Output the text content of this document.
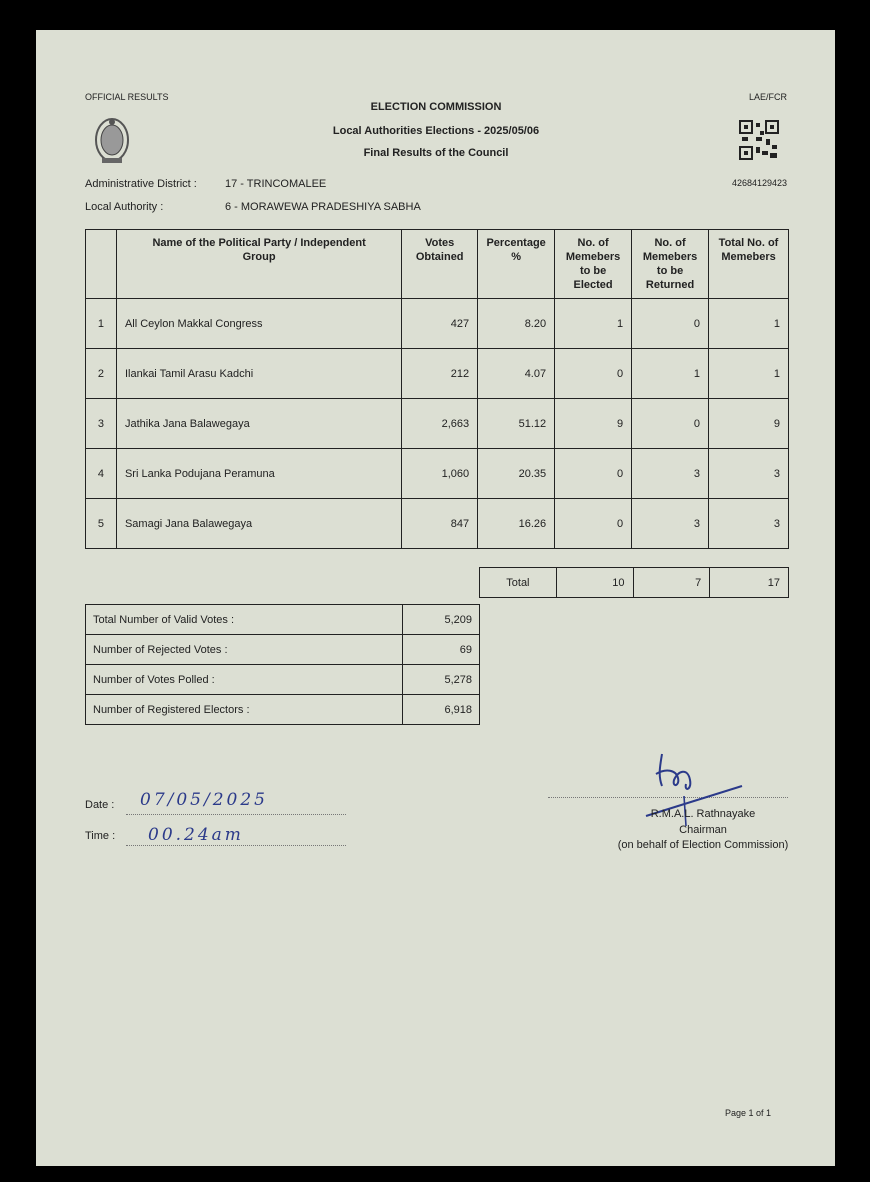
OFFICIAL RESULTS	LAE/FCR
ELECTION COMMISSION
Local Authorities Elections - 2025/05/06
Final Results of the Council
42684129423
Administrative District :	17 - TRINCOMALEE
Local Authority :	6 - MORAWEWA PRADESHIYA SABHA
	Name of the Political Party / Independent Group	Votes Obtained	Percentage %	No. of Memebers to be Elected	No. of Memebers to be Returned	Total No. of Memebers
1	All Ceylon Makkal Congress	427	8.20	1	0	1
2	Ilankai Tamil Arasu Kadchi	212	4.07	0	1	1
3	Jathika Jana Balawegaya	2,663	51.12	9	0	9
4	Sri Lanka Podujana Peramuna	1,060	20.35	0	3	3
5	Samagi Jana Balawegaya	847	16.26	0	3	3
Total	10	7	17
Total Number of Valid Votes :	5,209
Number of Rejected Votes :	69
Number of Votes Polled :	5,278
Number of Registered Electors :	6,918
Date : 07/05/2025
Time : 00.24am
R.M.A.L. Rathnayake
Chairman
(on behalf of Election Commission)
Page 1 of 1
